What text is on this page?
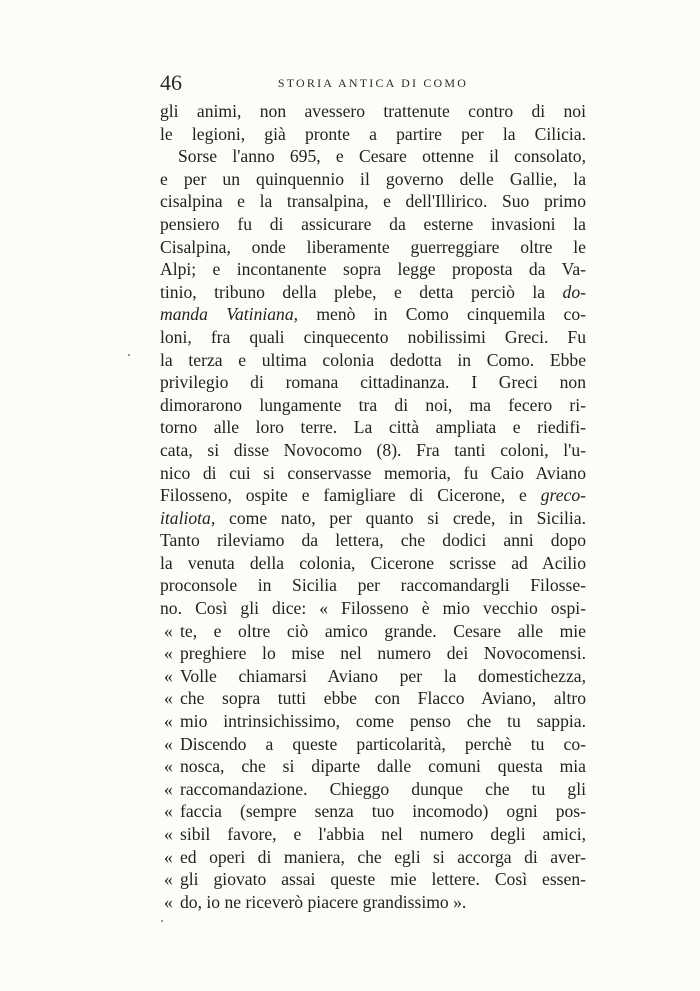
46	STORIA ANTICA DI COMO
gli animi, non avessero trattenute contro di noi
le legioni, già pronte a partire per la Cilicia.
Sorse l'anno 695, e Cesare ottenne il consolato,
e per un quinquennio il governo delle Gallie, la
cisalpina e la transalpina, e dell'Illirico. Suo primo
pensiero fu di assicurare da esterne invasioni la
Cisalpina, onde liberamente guerreggiare oltre le
Alpi; e incontanente sopra legge proposta da Va-
tinio, tribuno della plebe, e detta perciò la do-
manda Vatiniana, menò in Como cinquemila co-
loni, fra quali cinquecento nobilissimi Greci. Fu
la terza e ultima colonia dedotta in Como. Ebbe
privilegio di romana cittadinanza. I Greci non
dimorarono lungamente tra di noi, ma fecero ri-
torno alle loro terre. La città ampliata e riedifi-
cata, si disse Novocomo (8). Fra tanti coloni, l'u-
nico di cui si conservasse memoria, fu Caio Aviano
Filosseno, ospite e famigliare di Cicerone, e greco-
italiota, come nato, per quanto si crede, in Sicilia.
Tanto rileviamo da lettera, che dodici anni dopo
la venuta della colonia, Cicerone scrisse ad Acilio
proconsole in Sicilia per raccomandargli Filosse-
no. Così gli dice: « Filosseno è mio vecchio ospi-
« te, e oltre ciò amico grande. Cesare alle mie
« preghiere lo mise nel numero dei Novocomensi.
« Volle chiamarsi Aviano per la domestichezza,
« che sopra tutti ebbe con Flacco Aviano, altro
« mio intrinsichissimo, come penso che tu sappia.
« Discendo a queste particolarità, perchè tu co-
« nosca, che si diparte dalle comuni questa mia
« raccomandazione. Chieggo dunque che tu gli
« faccia (sempre senza tuo incomodo) ogni pos-
« sibil favore, e l'abbia nel numero degli amici,
« ed operi di maniera, che egli si accorga di aver-
« gli giovato assai queste mie lettere. Così essen-
« do, io ne riceverò piacere grandissimo ».
